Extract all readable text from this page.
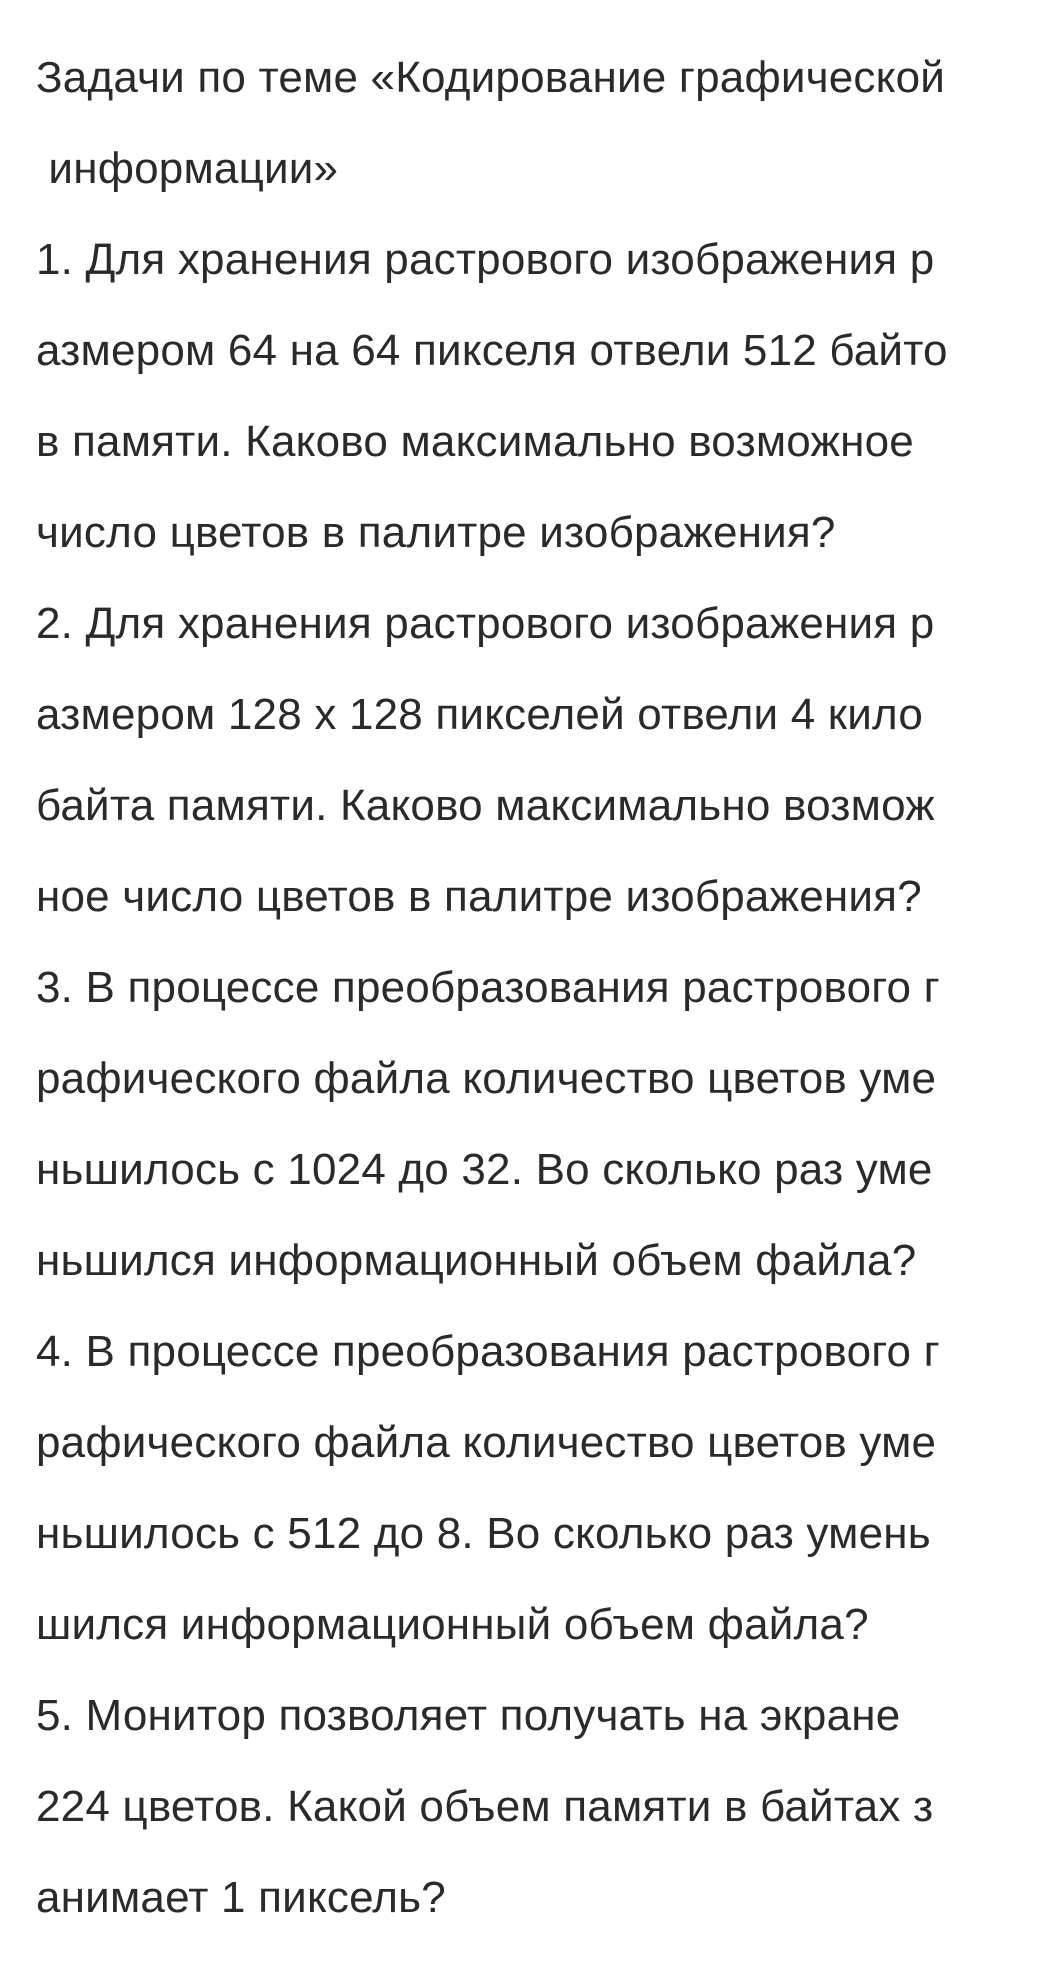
Задачи по теме «Кодирование графической
информации»
1. Для хранения растрового изображения р
азмером 64 на 64 пикселя отвели 512 байто
в памяти. Каково максимально возможное
число цветов в палитре изображения?
2. Для хранения растрового изображения р
азмером 128 x 128 пикселей отвели 4 кило
байта памяти. Каково максимально возмож
ное число цветов в палитре изображения?
3. В процессе преобразования растрового г
рафического файла количество цветов уме
ньшилось с 1024 до 32. Во сколько раз уме
ньшился информационный объем файла?
4. В процессе преобразования растрового г
рафического файла количество цветов уме
ньшилось с 512 до 8. Во сколько раз умень
шился информационный объем файла?
5. Монитор позволяет получать на экране
224 цветов. Какой объем памяти в байтах з
анимает 1 пиксель?
